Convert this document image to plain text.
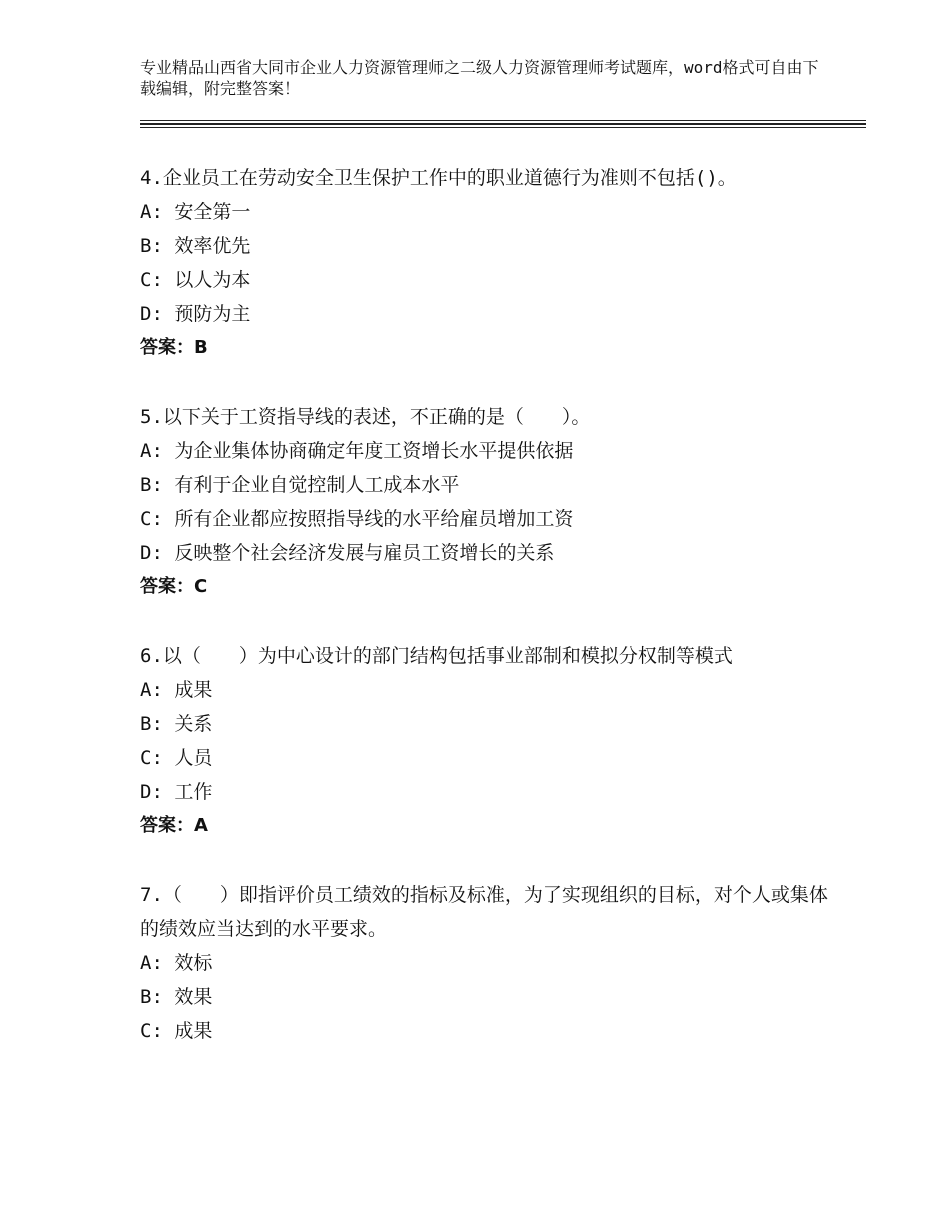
专业精品山西省大同市企业人力资源管理师之二级人力资源管理师考试题库，word格式可自由下载编辑，附完整答案！
4.企业员工在劳动安全卫生保护工作中的职业道德行为准则不包括()。
A: 安全第一
B: 效率优先
C: 以人为本
D: 预防为主
答案：B
5.以下关于工资指导线的表述，不正确的是（　　）。
A: 为企业集体协商确定年度工资增长水平提供依据
B: 有利于企业自觉控制人工成本水平
C: 所有企业都应按照指导线的水平给雇员增加工资
D: 反映整个社会经济发展与雇员工资增长的关系
答案：C
6.以（　　）为中心设计的部门结构包括事业部制和模拟分权制等模式
A: 成果
B: 关系
C: 人员
D: 工作
答案：A
7.（　　）即指评价员工绩效的指标及标准，为了实现组织的目标，对个人或集体的绩效应当达到的水平要求。
A: 效标
B: 效果
C: 成果
